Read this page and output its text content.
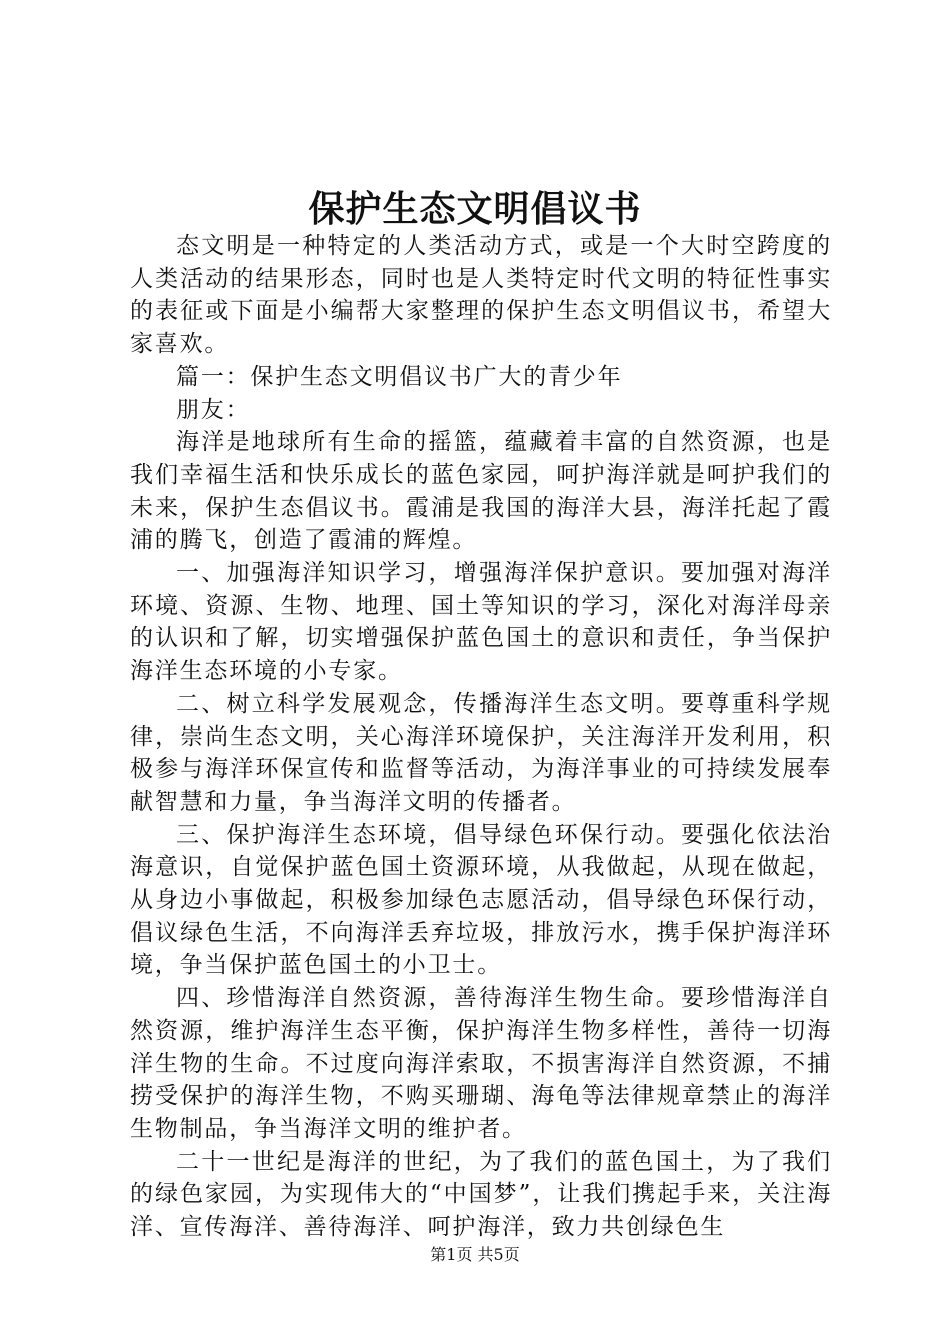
保护生态文明倡议书

态文明是一种特定的人类活动方式，或是一个大时空跨度的人类活动的结果形态，同时也是人类特定时代文明的特征性事实的表征或下面是小编帮大家整理的保护生态文明倡议书，希望大家喜欢。

篇一：保护生态文明倡议书广大的青少年

朋友：

海洋是地球所有生命的摇篮，蕴藏着丰富的自然资源，也是我们幸福生活和快乐成长的蓝色家园，呵护海洋就是呵护我们的未来，保护生态倡议书。霞浦是我国的海洋大县，海洋托起了霞浦的腾飞，创造了霞浦的辉煌。

一、加强海洋知识学习，增强海洋保护意识。要加强对海洋环境、资源、生物、地理、国土等知识的学习，深化对海洋母亲的认识和了解，切实增强保护蓝色国土的意识和责任，争当保护海洋生态环境的小专家。

二、树立科学发展观念，传播海洋生态文明。要尊重科学规律，崇尚生态文明，关心海洋环境保护，关注海洋开发利用，积极参与海洋环保宣传和监督等活动，为海洋事业的可持续发展奉献智慧和力量，争当海洋文明的传播者。

三、保护海洋生态环境，倡导绿色环保行动。要强化依法治海意识，自觉保护蓝色国土资源环境，从我做起，从现在做起，从身边小事做起，积极参加绿色志愿活动，倡导绿色环保行动，倡议绿色生活，不向海洋丢弃垃圾，排放污水，携手保护海洋环境，争当保护蓝色国土的小卫士。

四、珍惜海洋自然资源，善待海洋生物生命。要珍惜海洋自然资源，维护海洋生态平衡，保护海洋生物多样性，善待一切海洋生物的生命。不过度向海洋索取，不损害海洋自然资源，不捕捞受保护的海洋生物，不购买珊瑚、海龟等法律规章禁止的海洋生物制品，争当海洋文明的维护者。

二十一世纪是海洋的世纪，为了我们的蓝色国土，为了我们的绿色家园，为实现伟大的“中国梦”，让我们携起手来，关注海洋、宣传海洋、善待海洋、呵护海洋，致力共创绿色生

第1页 共5页
